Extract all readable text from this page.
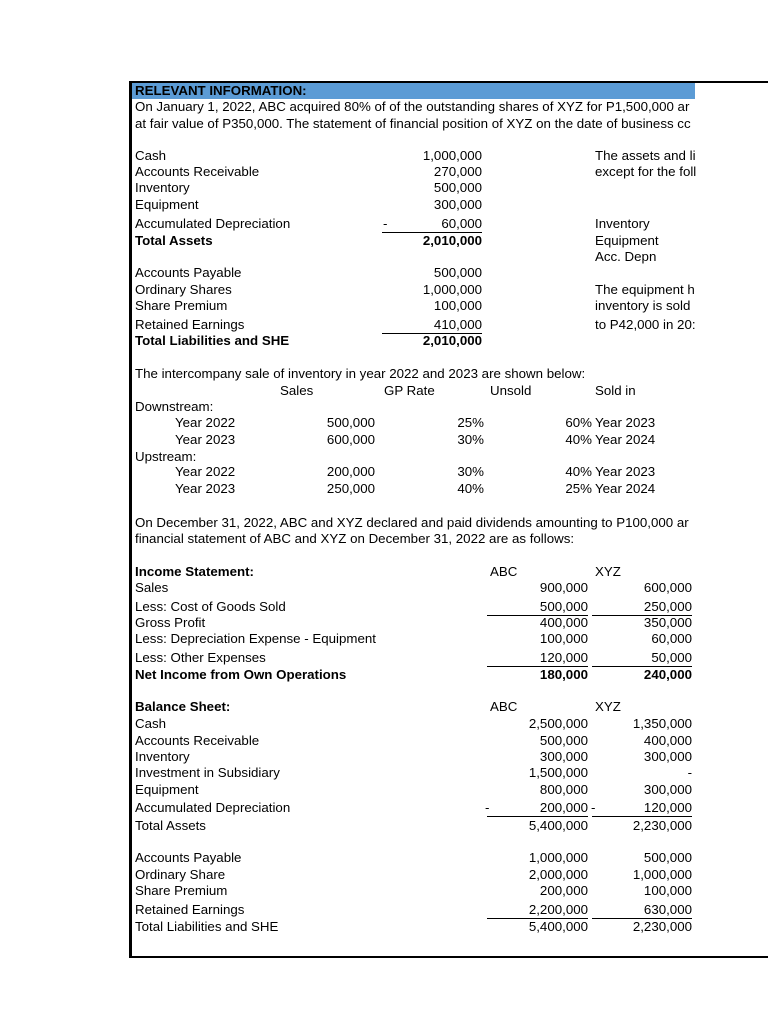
RELEVANT INFORMATION:
On January 1, 2022, ABC acquired 80% of of the outstanding shares of XYZ for P1,500,000 ar
at fair value of P350,000. The statement of financial position of XYZ on the date of business cc
Cash	1,000,000
Accounts Receivable	270,000
Inventory	500,000
Equipment	300,000
Accumulated Depreciation	60,000
-
Total Assets	2,010,000
Accounts Payable	500,000
Ordinary Shares	1,000,000
Share Premium	100,000
Retained Earnings	410,000
Total Liabilities and SHE	2,010,000
The assets and li
except for the foll
Inventory
Equipment
Acc. Depn
The equipment h
inventory is sold
to P42,000 in 20:
The intercompany sale of inventory in year 2022 and 2023 are shown below:
Sales	GP Rate	Unsold	Sold in
Downstream:
Year 2022	500,000	25%	60% Year 2023
Year 2023	600,000	30%	40% Year 2024
Upstream:
Year 2022	200,000	30%	40% Year 2023
Year 2023	250,000	40%	25% Year 2024
On December 31, 2022, ABC and XYZ declared and paid dividends amounting to P100,000 ar
financial statement of ABC and XYZ on December 31, 2022 are as follows:
Income Statement:	ABC	XYZ
Sales	900,000	600,000
Less: Cost of Goods Sold	500,000	250,000
Gross Profit	400,000	350,000
Less: Depreciation Expense - Equipment	100,000	60,000
Less: Other Expenses	120,000	50,000
Net Income from Own Operations	180,000	240,000
Balance Sheet:	ABC	XYZ
Cash	2,500,000	1,350,000
Accounts Receivable	500,000	400,000
Inventory	300,000	300,000
Investment in Subsidiary	1,500,000	-
Equipment	800,000	300,000
Accumulated Depreciation	200,000	120,000
-	-
Total Assets	5,400,000	2,230,000
Accounts Payable	1,000,000	500,000
Ordinary Share	2,000,000	1,000,000
Share Premium	200,000	100,000
Retained Earnings	2,200,000	630,000
Total Liabilities and SHE	5,400,000	2,230,000
